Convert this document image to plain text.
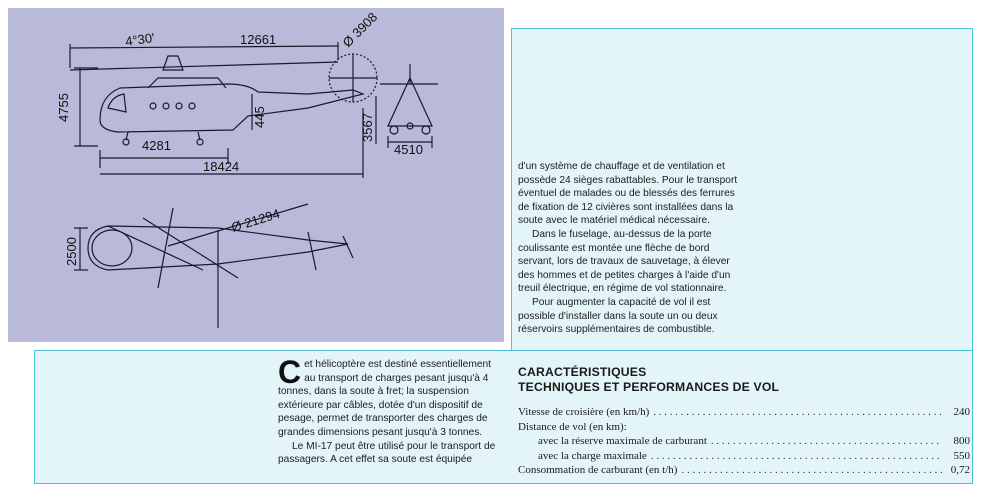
4°30'	12661	Ø 3908
4755	445	3567
4281
18424
4510
Ø 21294
2500

d'un système de chauffage et de ventilation et possède 24 sièges rabattables. Pour le transport éventuel de malades ou de blessés des ferrures de fixation de 12 civières sont installées dans la soute avec le matériel médical nécessaire.

Dans le fuselage, au-dessus de la porte coulissante est montée une flèche de bord servant, lors de travaux de sauvetage, à élever des hommes et de petites charges à l'aide d'un treuil électrique, en régime de vol stationnaire.

Pour augmenter la capacité de vol il est possible d'installer dans la soute un ou deux réservoirs supplémentaires de combustible.

Cet hélicoptère est destiné essentiellement au transport de charges pesant jusqu'à 4 tonnes, dans la soute à fret; la suspension extérieure par câbles, dotée d'un dispositif de pesage, permet de transporter des charges de grandes dimensions pesant jusqu'à 3 tonnes.

Le MI-17 peut être utilisé pour le transport de passagers. A cet effet sa soute est équipée

CARACTÉRISTIQUES
TECHNIQUES ET PERFORMANCES DE VOL
Vitesse de croisière (en km/h) . . .	240
Distance de vol (en km):
avec la réserve maximale de carburant . . .	800
avec la charge maximale . . .	550
Consommation de carburant (en t/h) . . .	0,72
